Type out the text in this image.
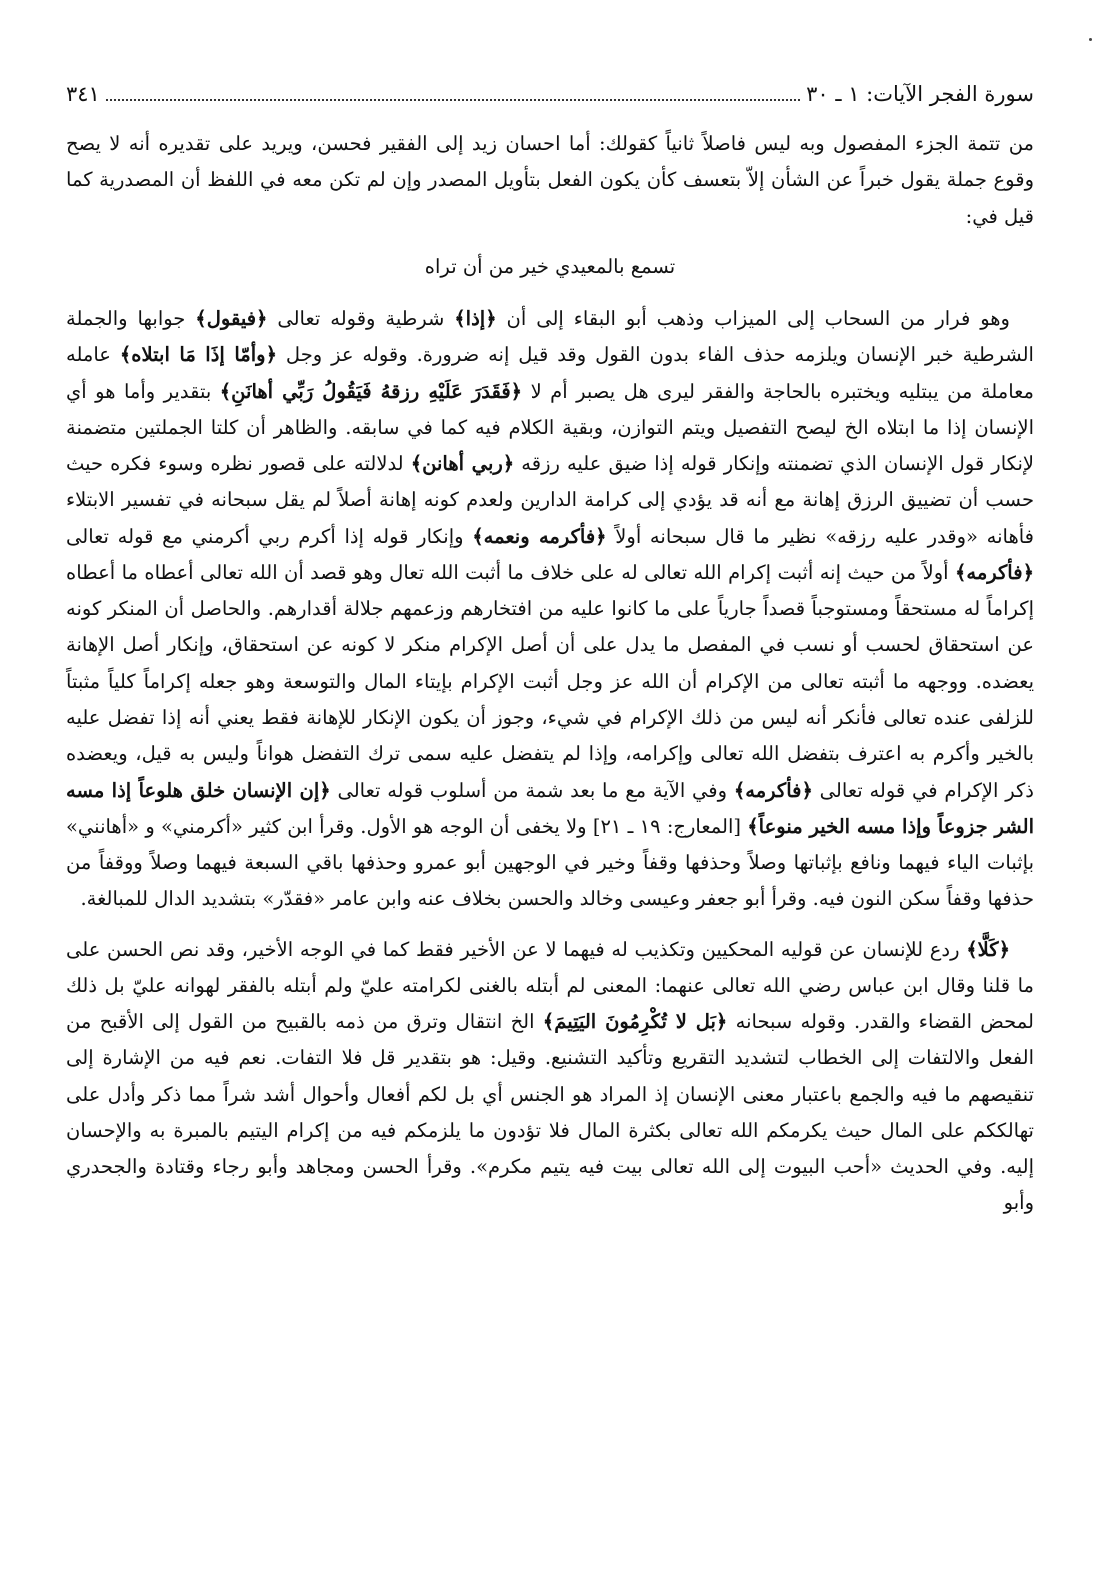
سورة الفجر الآيات: ١ ـ ٣٠
٣٤١

من تتمة الجزء المفصول وبه ليس فاصلاً ثانياً كقولك: أما احسان زيد إلى الفقير فحسن، ويريد على تقديره أنه لا يصح وقوع جملة يقول خبراً عن الشأن إلاّ بتعسف كأن يكون الفعل بتأويل المصدر وإن لم تكن معه في اللفظ أن المصدرية كما قيل في:

تسمع بالمعيدي خير من أن تراه

وهو فرار من السحاب إلى الميزاب وذهب أبو البقاء إلى أن ﴿إذا﴾ شرطية وقوله تعالى ﴿فيقول﴾ جوابها والجملة الشرطية خبر الإنسان ويلزمه حذف الفاء بدون القول وقد قيل إنه ضرورة. وقوله عز وجل ﴿وأمّا إذَا مَا ابتلاه﴾ عامله معاملة من يبتليه ويختبره بالحاجة والفقر ليرى هل يصبر أم لا ﴿فَقَدَرَ عَلَيْهِ رزقهُ فَيَقُولُ رَبِّي أهانَنِ﴾ بتقدير وأما هو أي الإنسان إذا ما ابتلاه الخ ليصح التفصيل ويتم التوازن، وبقية الكلام فيه كما في سابقه. والظاهر أن كلتا الجملتين متضمنة لإنكار قول الإنسان الذي تضمنته وإنكار قوله إذا ضيق عليه رزقه ﴿ربي أهانن﴾ لدلالته على قصور نظره وسوء فكره حيث حسب أن تضييق الرزق إهانة مع أنه قد يؤدي إلى كرامة الدارين ولعدم كونه إهانة أصلاً لم يقل سبحانه في تفسير الابتلاء فأهانه «وقدر عليه رزقه» نظير ما قال سبحانه أولاً ﴿فأكرمه ونعمه﴾ وإنكار قوله إذا أكرم ربي أكرمني مع قوله تعالى ﴿فأكرمه﴾ أولاً من حيث إنه أثبت إكرام الله تعالى له على خلاف ما أثبت الله تعال وهو قصد أن الله تعالى أعطاه ما أعطاه إكراماً له مستحقاً ومستوجباً قصداً جارياً على ما كانوا عليه من افتخارهم وزعمهم جلالة أقدارهم. والحاصل أن المنكر كونه عن استحقاق لحسب أو نسب في المفصل ما يدل على أن أصل الإكرام منكر لا كونه عن استحقاق، وإنكار أصل الإهانة يعضده. ووجهه ما أثبته تعالى من الإكرام أن الله عز وجل أثبت الإكرام بإيتاء المال والتوسعة وهو جعله إكراماً كلياً مثبتاً للزلفى عنده تعالى فأنكر أنه ليس من ذلك الإكرام في شيء، وجوز أن يكون الإنكار للإهانة فقط يعني أنه إذا تفضل عليه بالخير وأكرم به اعترف بتفضل الله تعالى وإكرامه، وإذا لم يتفضل عليه سمى ترك التفضل هواناً وليس به قيل، ويعضده ذكر الإكرام في قوله تعالى ﴿فأكرمه﴾ وفي الآية مع ما بعد شمة من أسلوب قوله تعالى ﴿إن الإنسان خلق هلوعاً إذا مسه الشر جزوعاً وإذا مسه الخير منوعاً﴾ [المعارج: ١٩ ـ ٢١] ولا يخفى أن الوجه هو الأول. وقرأ ابن كثير «أكرمني» و «أهانني» بإثبات الياء فيهما ونافع بإثباتها وصلاً وحذفها وقفاً وخير في الوجهين أبو عمرو وحذفها باقي السبعة فيهما وصلاً ووقفاً من حذفها وقفاً سكن النون فيه. وقرأ أبو جعفر وعيسى وخالد والحسن بخلاف عنه وابن عامر «فقدّر» بتشديد الدال للمبالغة.

﴿كَلَّا﴾ ردع للإنسان عن قوليه المحكيين وتكذيب له فيهما لا عن الأخير فقط كما في الوجه الأخير، وقد نص الحسن على ما قلنا وقال ابن عباس رضي الله تعالى عنهما: المعنى لم أبتله بالغنى لكرامته عليّ ولم أبتله بالفقر لهوانه عليّ بل ذلك لمحض القضاء والقدر. وقوله سبحانه ﴿بَل لا تُكْرِمُونَ اليَتِيمَ﴾ الخ انتقال وترق من ذمه بالقبيح من القول إلى الأقبح من الفعل والالتفات إلى الخطاب لتشديد التقريع وتأكيد التشنيع. وقيل: هو بتقدير قل فلا التفات. نعم فيه من الإشارة إلى تنقيصهم ما فيه والجمع باعتبار معنى الإنسان إذ المراد هو الجنس أي بل لكم أفعال وأحوال أشد شراً مما ذكر وأدل على تهالككم على المال حيث يكرمكم الله تعالى بكثرة المال فلا تؤدون ما يلزمكم فيه من إكرام اليتيم بالمبرة به والإحسان إليه. وفي الحديث «أحب البيوت إلى الله تعالى بيت فيه يتيم مكرم». وقرأ الحسن ومجاهد وأبو رجاء وقتادة والجحدري وأبو
